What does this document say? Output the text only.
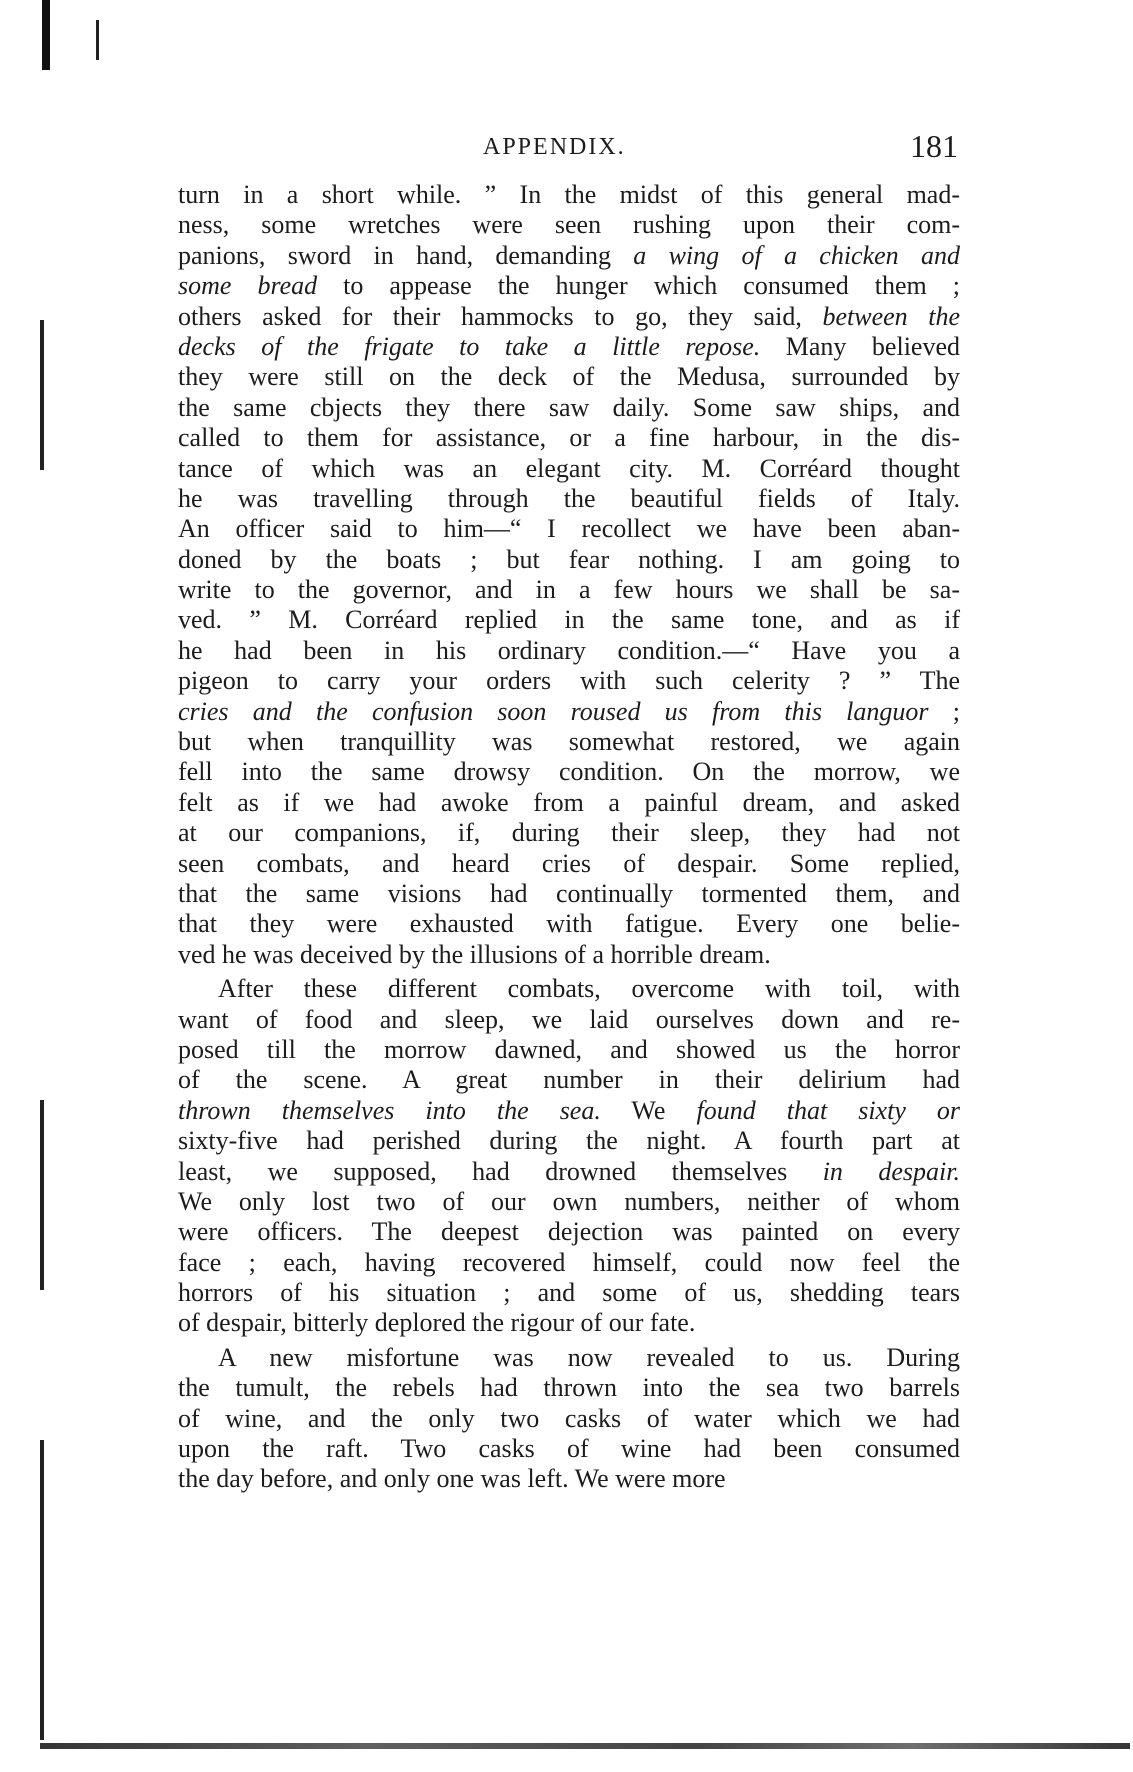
APPENDIX.	181
turn in a short while. ” In the midst of this general mad-
ness, some wretches were seen rushing upon their com-
panions, sword in hand, demanding a wing of a chicken and
some bread to appease the hunger which consumed them ;
others asked for their hammocks to go, they said, between the
decks of the frigate to take a little repose. Many believed
they were still on the deck of the Medusa, surrounded by
the same cbjects they there saw daily. Some saw ships, and
called to them for assistance, or a fine harbour, in the dis-
tance of which was an elegant city. M. Corréard thought
he was travelling through the beautiful fields of Italy.
An officer said to him—“ I recollect we have been aban-
doned by the boats ; but fear nothing. I am going to
write to the governor, and in a few hours we shall be sa-
ved. ” M. Corréard replied in the same tone, and as if
he had been in his ordinary condition.—“ Have you a
pigeon to carry your orders with such celerity ? ” The
cries and the confusion soon roused us from this languor ;
but when tranquillity was somewhat restored, we again
fell into the same drowsy condition. On the morrow, we
felt as if we had awoke from a painful dream, and asked
at our companions, if, during their sleep, they had not
seen combats, and heard cries of despair. Some replied,
that the same visions had continually tormented them, and
that they were exhausted with fatigue. Every one belie-
ved he was deceived by the illusions of a horrible dream.
After these different combats, overcome with toil, with
want of food and sleep, we laid ourselves down and re-
posed till the morrow dawned, and showed us the horror
of the scene. A great number in their delirium had
thrown themselves into the sea. We found that sixty or
sixty-five had perished during the night. A fourth part at
least, we supposed, had drowned themselves in despair.
We only lost two of our own numbers, neither of whom
were officers. The deepest dejection was painted on every
face ; each, having recovered himself, could now feel the
horrors of his situation ; and some of us, shedding tears
of despair, bitterly deplored the rigour of our fate.
A new misfortune was now revealed to us. During
the tumult, the rebels had thrown into the sea two barrels
of wine, and the only two casks of water which we had
upon the raft. Two casks of wine had been consumed
the day before, and only one was left. We were more
